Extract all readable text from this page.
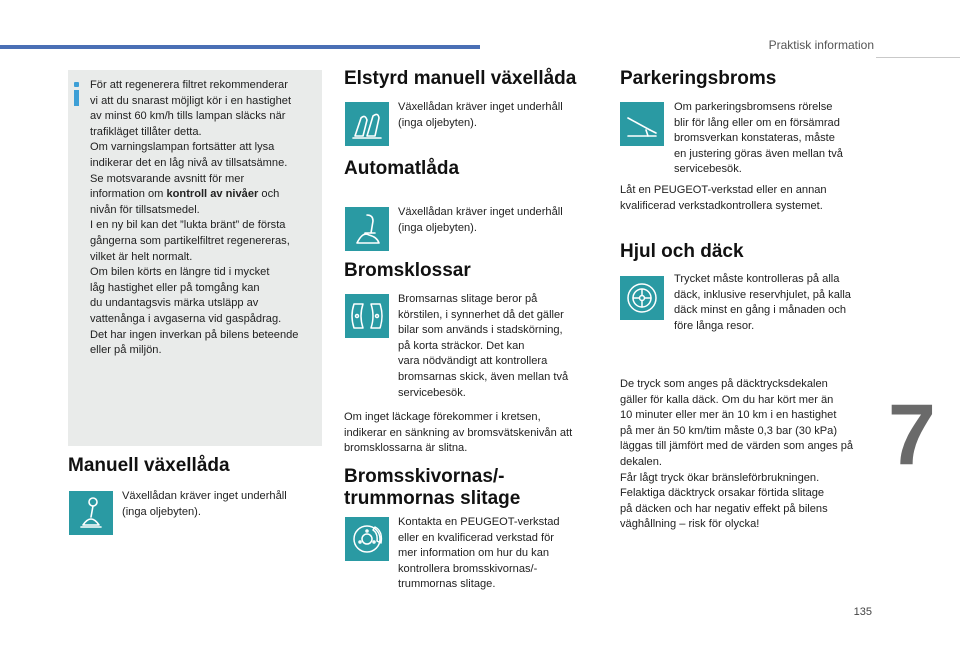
Praktisk information
7
135
För att regenerera filtret rekommenderar
vi att du snarast möjligt kör i en hastighet
av minst 60 km/h tills lampan släcks när
trafikläget tillåter detta.
Om varningslampan fortsätter att lysa
indikerar det en låg nivå av tillsatsämne.
Se motsvarande avsnitt för mer
information om kontroll av nivåer och
nivån för tillsatsmedel.
I en ny bil kan det ”lukta bränt” de första
gångerna som partikelfiltret regenereras,
vilket är helt normalt.
Om bilen körts en längre tid i mycket
låg hastighet eller på tomgång kan
du undantagsvis märka utsläpp av
vattenånga i avgaserna vid gaspådrag.
Det har ingen inverkan på bilens beteende
eller på miljön.
Manuell växellåda
Växellådan kräver inget underhåll
(inga oljebyten).
Elstyrd manuell växellåda
Växellådan kräver inget underhåll
(inga oljebyten).
Automatlåda
Växellådan kräver inget underhåll
(inga oljebyten).
Bromsklossar
Bromsarnas slitage beror på
körstilen, i synnerhet då det gäller
bilar som används i stadskörning,
på korta sträckor. Det kan
vara nödvändigt att kontrollera
bromsarnas skick, även mellan två
servicebesök.
Om inget läckage förekommer i kretsen,
indikerar en sänkning av bromsvätskenivån att
bromsklossarna är slitna.
Bromsskivornas/-
trummornas slitage
Kontakta en PEUGEOT-verkstad
eller en kvalificerad verkstad för
mer information om hur du kan
kontrollera bromsskivornas/-
trummornas slitage.
Parkeringsbroms
Om parkeringsbromsens rörelse
blir för lång eller om en försämrad
bromsverkan konstateras, måste
en justering göras även mellan två
servicebesök.
Låt en PEUGEOT-verkstad eller en annan
kvalificerad verkstadkontrollera systemet.
Hjul och däck
Trycket måste kontrolleras på alla
däck, inklusive reservhjulet, på kalla
däck minst en gång i månaden och
före långa resor.
De tryck som anges på däcktrycksdekalen
gäller för kalla däck. Om du har kört mer än
10 minuter eller mer än 10 km i en hastighet
på mer än 50 km/tim måste 0,3 bar (30 kPa)
läggas till jämfört med de värden som anges på
dekalen.
Får lågt tryck ökar bränsleförbrukningen.
Felaktiga däcktryck orsakar förtida slitage
på däcken och har negativ effekt på bilens
väghållning – risk för olycka!
